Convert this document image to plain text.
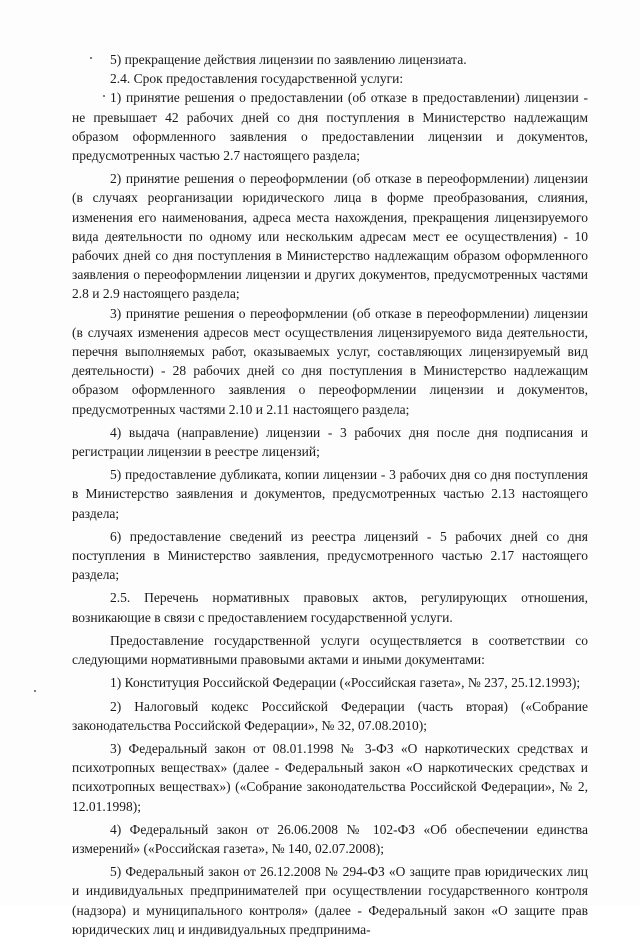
5) прекращение действия лицензии по заявлению лицензиата.

2.4. Срок предоставления государственной услуги:

1) принятие решения о предоставлении (об отказе в предоставлении) лицензии - не превышает 42 рабочих дней со дня поступления в Министерство надлежащим образом оформленного заявления о предоставлении лицензии и документов, предусмотренных частью 2.7 настоящего раздела;

2) принятие решения о переоформлении (об отказе в переоформлении) лицензии (в случаях реорганизации юридического лица в форме преобразования, слияния, изменения его наименования, адреса места нахождения, прекращения лицензируемого вида деятельности по одному или нескольким адресам мест ее осуществления) - 10 рабочих дней со дня поступления в Министерство надлежащим образом оформленного заявления о переоформлении лицензии и других документов, предусмотренных частями 2.8 и 2.9 настоящего раздела;

3) принятие решения о переоформлении (об отказе в переоформлении) лицензии (в случаях изменения адресов мест осуществления лицензируемого вида деятельности, перечня выполняемых работ, оказываемых услуг, составляющих лицензируемый вид деятельности) - 28 рабочих дней со дня поступления в Министерство надлежащим образом оформленного заявления о переоформлении лицензии и документов, предусмотренных частями 2.10 и 2.11 настоящего раздела;

4) выдача (направление) лицензии - 3 рабочих дня после дня подписания и регистрации лицензии в реестре лицензий;

5) предоставление дубликата, копии лицензии - 3 рабочих дня со дня поступления в Министерство заявления и документов, предусмотренных частью 2.13 настоящего раздела;

6) предоставление сведений из реестра лицензий - 5 рабочих дней со дня поступления в Министерство заявления, предусмотренного частью 2.17 настоящего раздела;

2.5. Перечень нормативных правовых актов, регулирующих отношения, возникающие в связи с предоставлением государственной услуги.

Предоставление государственной услуги осуществляется в соответствии со следующими нормативными правовыми актами и иными документами:

1) Конституция Российской Федерации («Российская газета», № 237, 25.12.1993);

2) Налоговый кодекс Российской Федерации (часть вторая) («Собрание законодательства Российской Федерации», № 32, 07.08.2010);

3) Федеральный закон от 08.01.1998 № 3-ФЗ «О наркотических средствах и психотропных веществах» (далее - Федеральный закон «О наркотических средствах и психотропных веществах») («Собрание законодательства Российской Федерации», № 2, 12.01.1998);

4) Федеральный закон от 26.06.2008 № 102-ФЗ «Об обеспечении единства измерений» («Российская газета», № 140, 02.07.2008);

5) Федеральный закон от 26.12.2008 № 294-ФЗ «О защите прав юридических лиц и индивидуальных предпринимателей при осуществлении государственного контроля (надзора) и муниципального контроля» (далее - Федеральный закон «О защите прав юридических лиц и индивидуальных предпринима-
